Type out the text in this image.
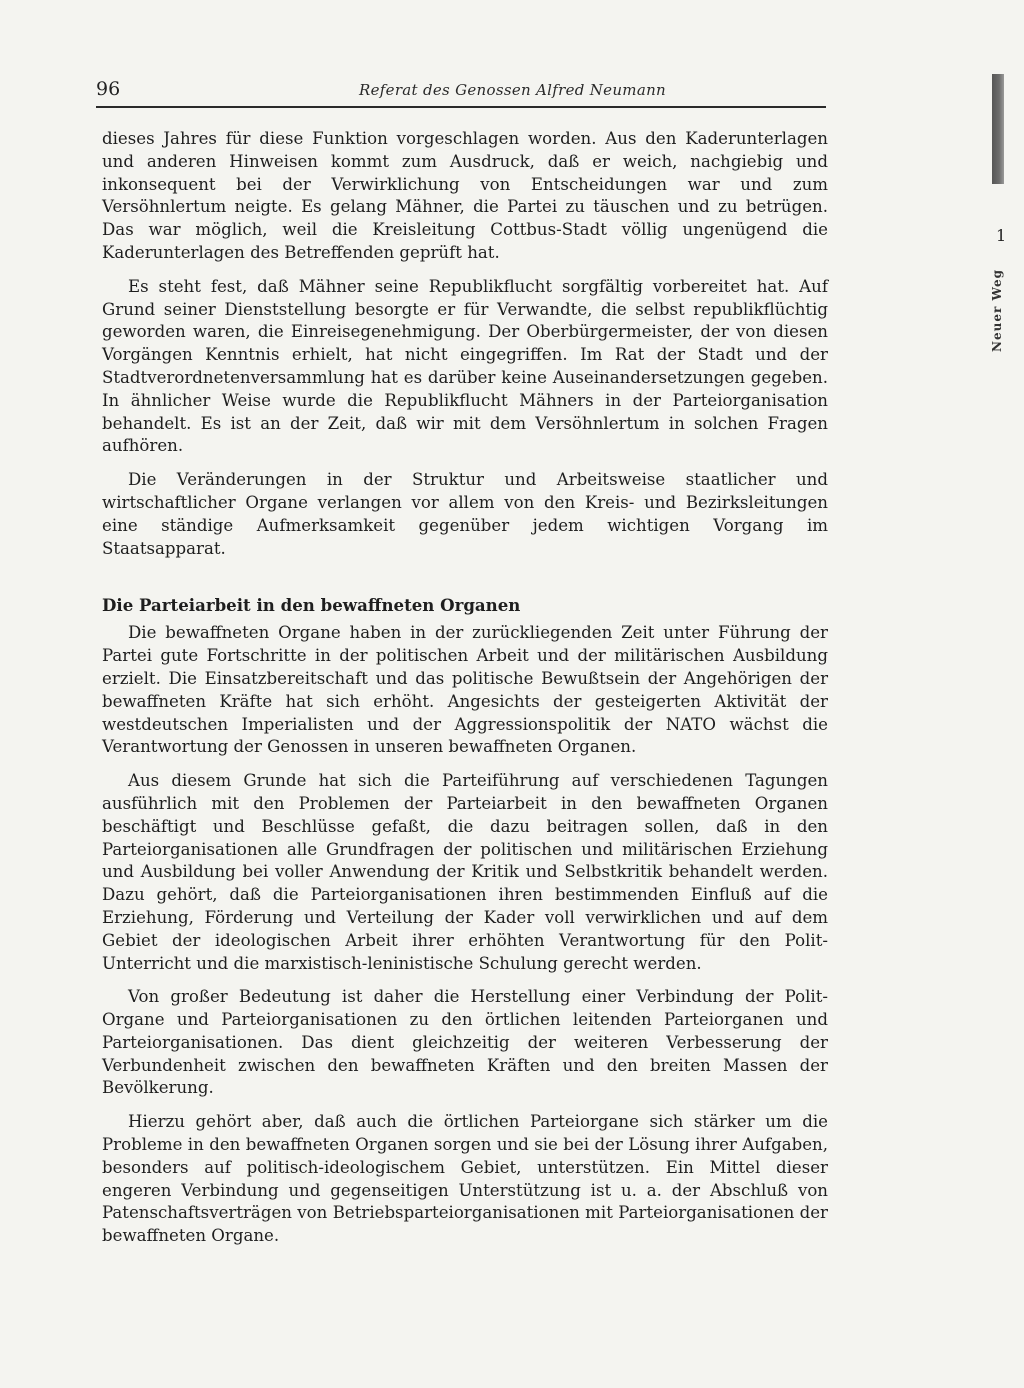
96	Referat des Genossen Alfred Neumann

dieses Jahres für diese Funktion vorgeschlagen worden. Aus den Kaderunterlagen und anderen Hinweisen kommt zum Ausdruck, daß er weich, nachgiebig und inkonsequent bei der Verwirklichung von Entscheidungen war und zum Versöhnlertum neigte. Es gelang Mähner, die Partei zu täuschen und zu betrügen. Das war möglich, weil die Kreisleitung Cottbus-Stadt völlig ungenügend die Kaderunterlagen des Betreffenden geprüft hat.

Es steht fest, daß Mähner seine Republikflucht sorgfältig vorbereitet hat. Auf Grund seiner Dienststellung besorgte er für Verwandte, die selbst republikflüchtig geworden waren, die Einreisegenehmigung. Der Oberbürgermeister, der von diesen Vorgängen Kenntnis erhielt, hat nicht eingegriffen. Im Rat der Stadt und der Stadtverordnetenversammlung hat es darüber keine Auseinandersetzungen gegeben. In ähnlicher Weise wurde die Republikflucht Mähners in der Parteiorganisation behandelt. Es ist an der Zeit, daß wir mit dem Versöhnlertum in solchen Fragen aufhören.

Die Veränderungen in der Struktur und Arbeitsweise staatlicher und wirtschaftlicher Organe verlangen vor allem von den Kreis- und Bezirksleitungen eine ständige Aufmerksamkeit gegenüber jedem wichtigen Vorgang im Staatsapparat.

Die Parteiarbeit in den bewaffneten Organen

Die bewaffneten Organe haben in der zurückliegenden Zeit unter Führung der Partei gute Fortschritte in der politischen Arbeit und der militärischen Ausbildung erzielt. Die Einsatzbereitschaft und das politische Bewußtsein der Angehörigen der bewaffneten Kräfte hat sich erhöht. Angesichts der gesteigerten Aktivität der westdeutschen Imperialisten und der Aggressionspolitik der NATO wächst die Verantwortung der Genossen in unseren bewaffneten Organen.

Aus diesem Grunde hat sich die Parteiführung auf verschiedenen Tagungen ausführlich mit den Problemen der Parteiarbeit in den bewaffneten Organen beschäftigt und Beschlüsse gefaßt, die dazu beitragen sollen, daß in den Parteiorganisationen alle Grundfragen der politischen und militärischen Erziehung und Ausbildung bei voller Anwendung der Kritik und Selbstkritik behandelt werden. Dazu gehört, daß die Parteiorganisationen ihren bestimmenden Einfluß auf die Erziehung, Förderung und Verteilung der Kader voll verwirklichen und auf dem Gebiet der ideologischen Arbeit ihrer erhöhten Verantwortung für den Polit-Unterricht und die marxistisch-leninistische Schulung gerecht werden.

Von großer Bedeutung ist daher die Herstellung einer Verbindung der Polit-Organe und Parteiorganisationen zu den örtlichen leitenden Parteiorganen und Parteiorganisationen. Das dient gleichzeitig der weiteren Verbesserung der Verbundenheit zwischen den bewaffneten Kräften und den breiten Massen der Bevölkerung.

Hierzu gehört aber, daß auch die örtlichen Parteiorgane sich stärker um die Probleme in den bewaffneten Organen sorgen und sie bei der Lösung ihrer Aufgaben, besonders auf politisch-ideologischem Gebiet, unterstützen. Ein Mittel dieser engeren Verbindung und gegenseitigen Unterstützung ist u. a. der Abschluß von Patenschaftsverträgen von Betriebsparteiorganisationen mit Parteiorganisationen der bewaffneten Organe.

1
Neuer Weg
